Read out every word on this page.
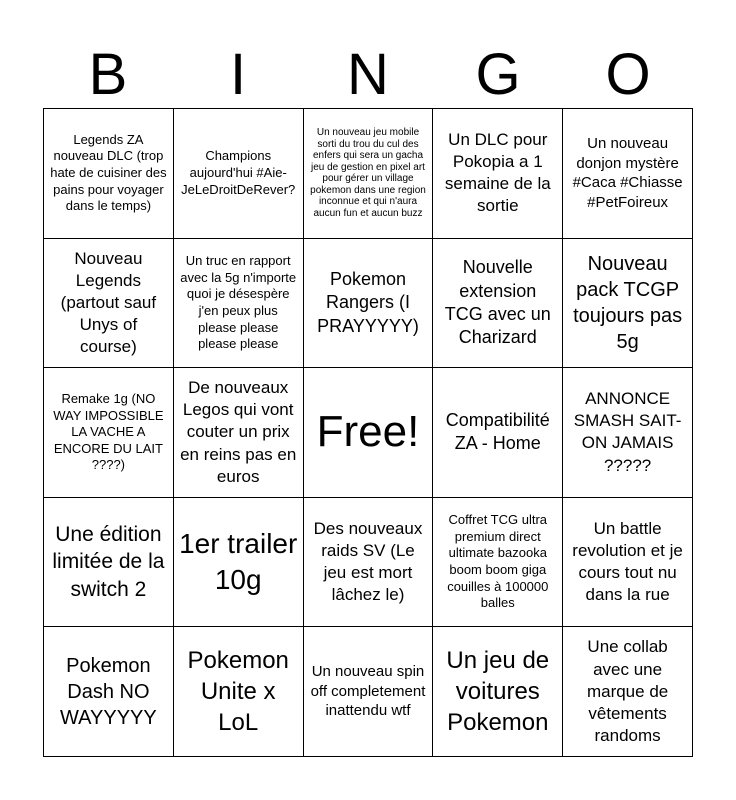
B	I	N	G	O
Legends ZA nouveau DLC (trop hate de cuisiner des pains pour voyager dans le temps)
Champions aujourd'hui #Aie-JeLeDroitDeRever?
Un nouveau jeu mobile sorti du trou du cul des enfers qui sera un gacha jeu de gestion en pixel art pour gérer un village pokemon dans une region inconnue et qui n'aura aucun fun et aucun buzz
Un DLC pour Pokopia a 1 semaine de la sortie
Un nouveau donjon mystère #Caca #Chiasse #PetFoireux
Nouveau Legends (partout sauf Unys of course)
Un truc en rapport avec la 5g n'importe quoi je désespère j'en peux plus please please please please
Pokemon Rangers (I PRAYYYYY)
Nouvelle extension TCG avec un Charizard
Nouveau pack TCGP toujours pas 5g
Remake 1g (NO WAY IMPOSSIBLE LA VACHE A ENCORE DU LAIT ????)
De nouveaux Legos qui vont couter un prix en reins pas en euros
Free!	Compatibilité ZA - Home
ANNONCE SMASH SAIT-ON JAMAIS ?????
Une édition limitée de la switch 2
1er trailer 10g
Des nouveaux raids SV (Le jeu est mort lâchez le)
Coffret TCG ultra premium direct ultimate bazooka boom boom giga couilles à 100000 balles
Un battle revolution et je cours tout nu dans la rue
Pokemon Dash NO WAYYYYY
Pokemon Unite x LoL
Un nouveau spin off completement inattendu wtf
Un jeu de voitures Pokemon
Une collab avec une marque de vêtements randoms
